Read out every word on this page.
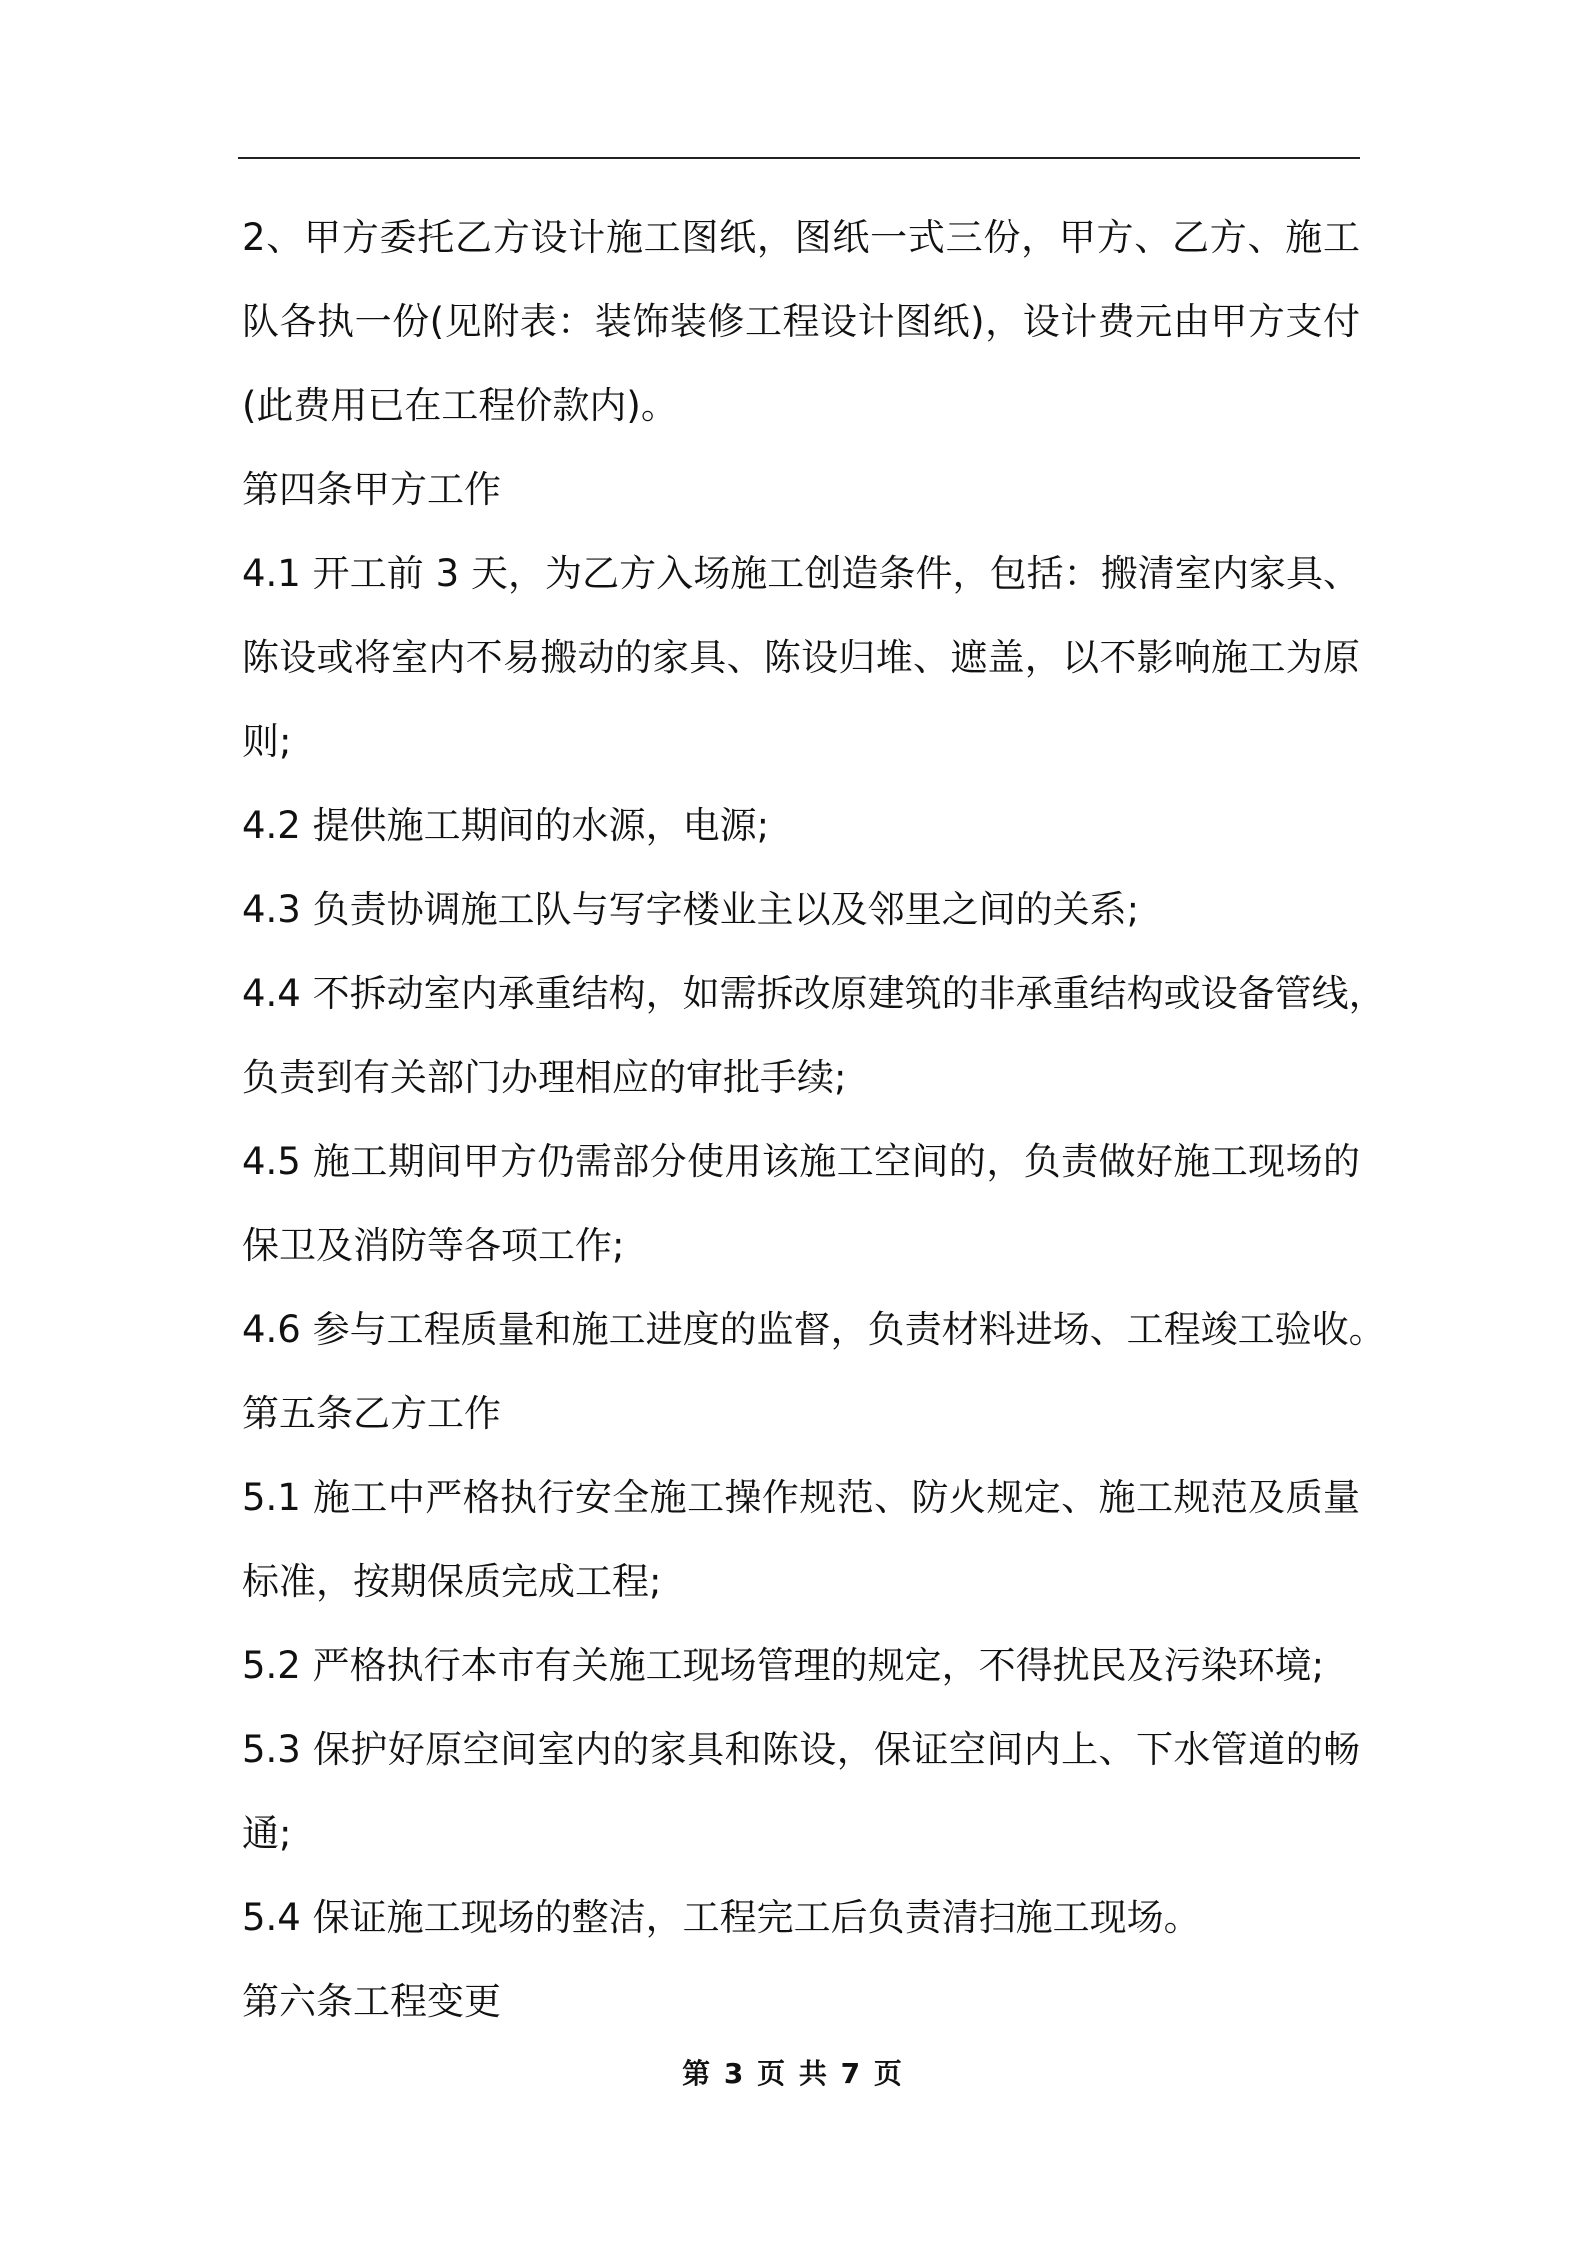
2、甲方委托乙方设计施工图纸，图纸一式三份，甲方、乙方、施工
队各执一份(见附表：装饰装修工程设计图纸)，设计费元由甲方支付
(此费用已在工程价款内)。
第四条甲方工作
4.1 开工前 3 天，为乙方入场施工创造条件，包括：搬清室内家具、
陈设或将室内不易搬动的家具、陈设归堆、遮盖，以不影响施工为原
则;
4.2 提供施工期间的水源，电源;
4.3 负责协调施工队与写字楼业主以及邻里之间的关系;
4.4 不拆动室内承重结构，如需拆改原建筑的非承重结构或设备管线，
负责到有关部门办理相应的审批手续;
4.5 施工期间甲方仍需部分使用该施工空间的，负责做好施工现场的
保卫及消防等各项工作;
4.6 参与工程质量和施工进度的监督，负责材料进场、工程竣工验收。
第五条乙方工作
5.1 施工中严格执行安全施工操作规范、防火规定、施工规范及质量
标准，按期保质完成工程;
5.2 严格执行本市有关施工现场管理的规定，不得扰民及污染环境;
5.3 保护好原空间室内的家具和陈设，保证空间内上、下水管道的畅
通;
5.4 保证施工现场的整洁，工程完工后负责清扫施工现场。
第六条工程变更
第 3 页 共 7 页
